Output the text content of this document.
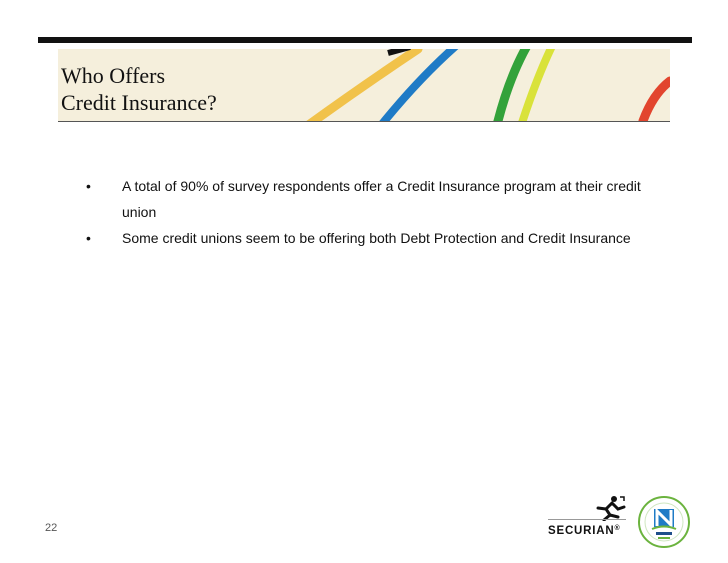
Who Offers
Credit Insurance?
•	A total of 90% of survey respondents offer a Credit Insurance program at their credit union
•	Some credit unions seem to be offering both Debt Protection and Credit Insurance
22	SECURIAN®
